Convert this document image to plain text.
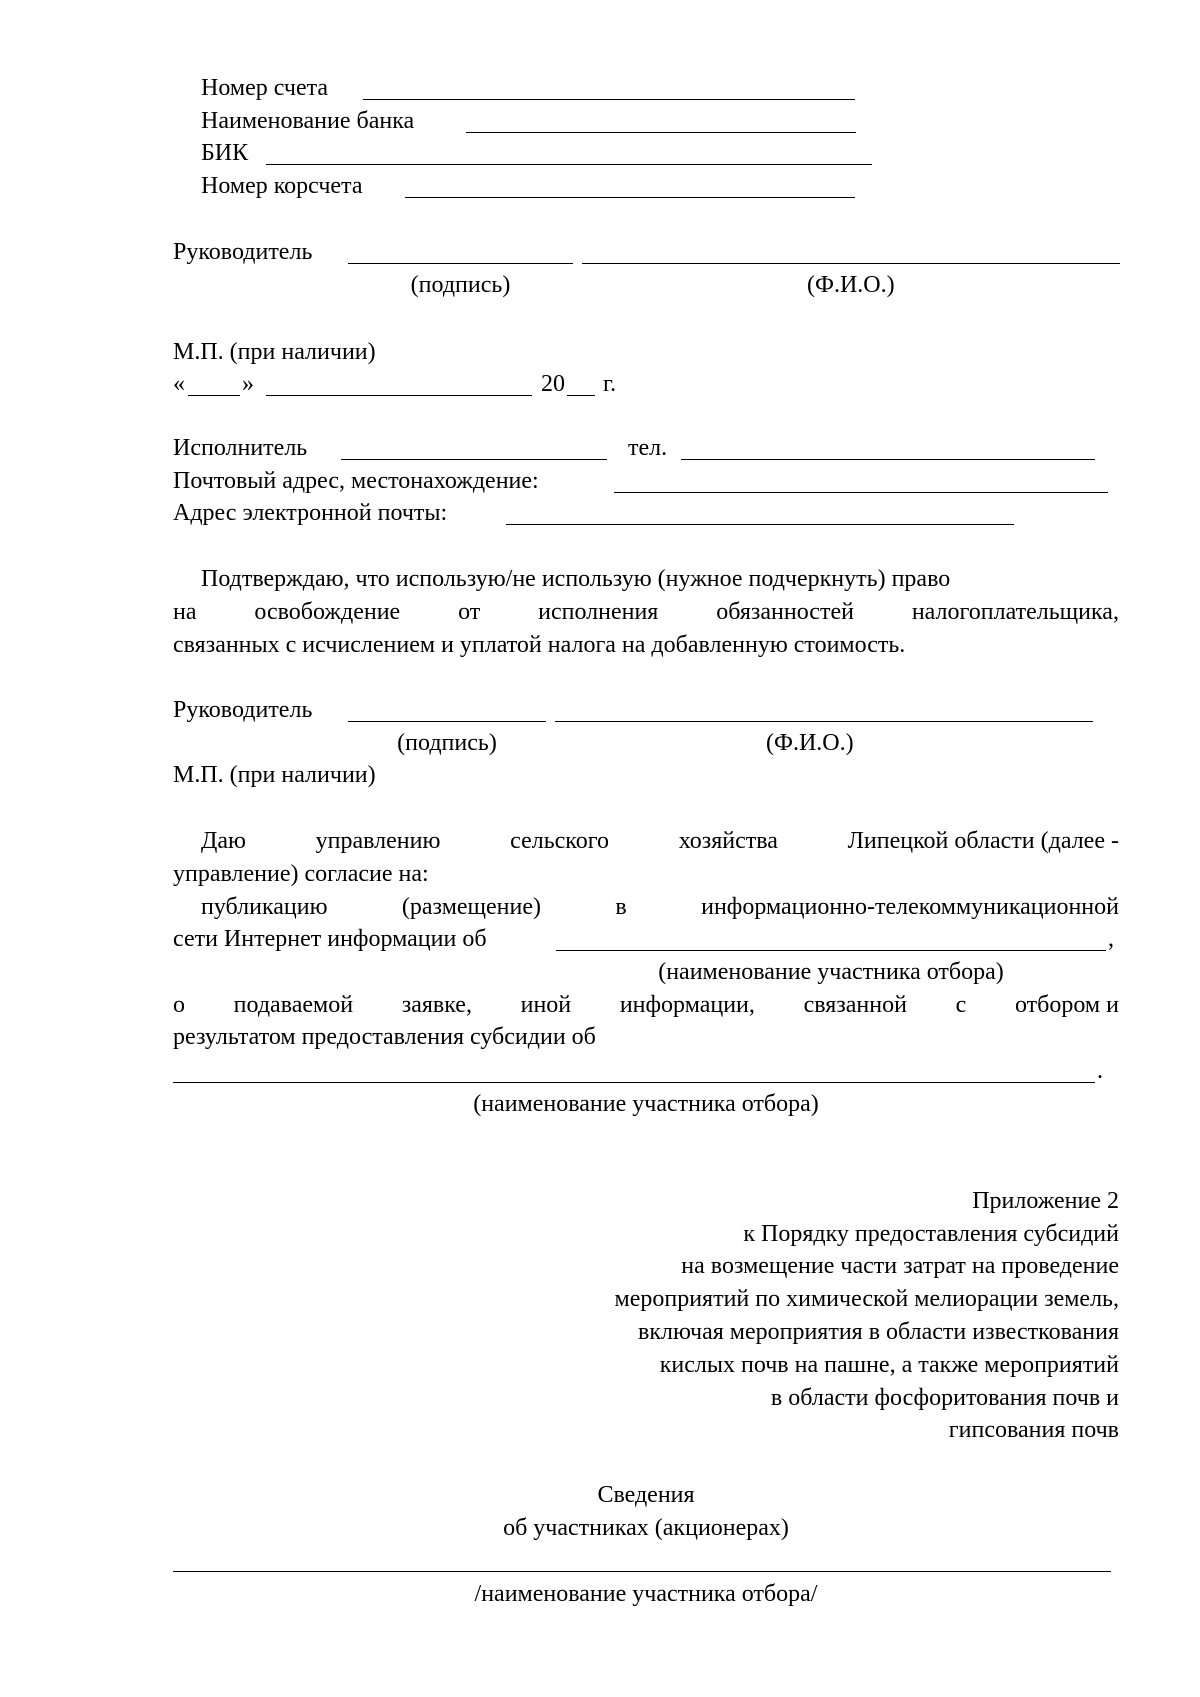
Номер счета
Наименование банка
БИК
Номер корсчета
Руководитель
(подпись)	(Ф.И.О.)
М.П. (при наличии)
« »	20 г.
Исполнитель	тел.
Почтовый адрес, местонахождение:
Адрес электронной почты:
Подтверждаю, что использую/не использую (нужное подчеркнуть) право
на освобождение от исполнения обязанностей налогоплательщика,
связанных с исчислением и уплатой налога на добавленную стоимость.
Руководитель
(подпись)	(Ф.И.О.)
М.П. (при наличии)
Даю	управлению	сельского	хозяйства	Липецкой области (далее -
управление) согласие на:
публикацию	(размещение)	в	информационно-телекоммуникационной
сети Интернет информации об	,
(наименование участника отбора)
о подаваемой заявке, иной информации, связанной с отбором и
результатом предоставления субсидии об
.
(наименование участника отбора)
Приложение 2
к Порядку предоставления субсидий
на возмещение части затрат на проведение
мероприятий по химической мелиорации земель,
включая мероприятия в области известкования
кислых почв на пашне, а также мероприятий
в области фосфоритования почв и
гипсования почв
Сведения
об участниках (акционерах)
/наименование участника отбора/
